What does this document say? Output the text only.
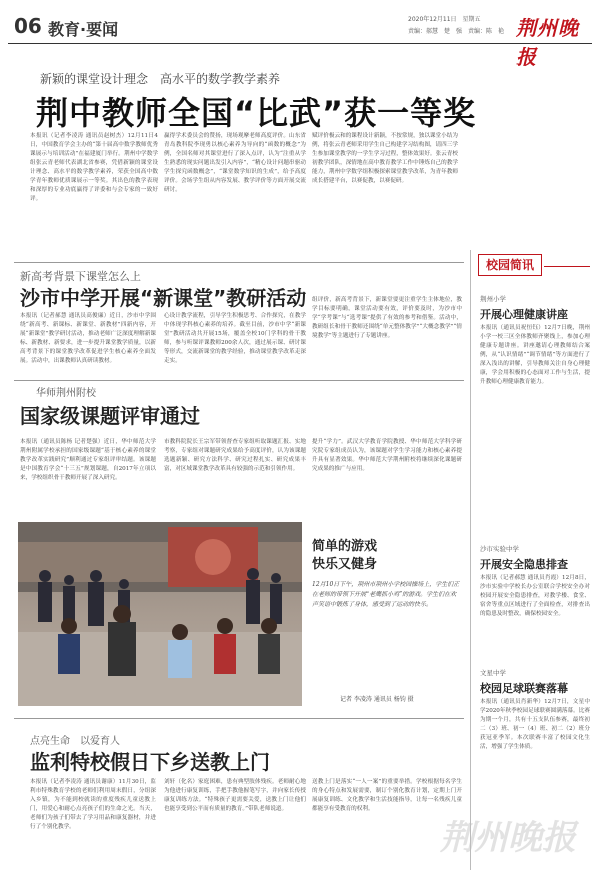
06 教育·要闻
2020年12月11日　星期五
责编：郝慧　楚　强　责编：陈　艳 荆州晚报
新颖的课堂设计理念　高水平的数学教学素养
荆中教师全国“比武”获一等奖
本报讯（记者李凌涛 通讯员赵树杰）12月11日4日，中国教育学会主办的“第十届高中数学教师优秀课展示与培训活动”在福建厦门举行。荆州中学数学组张云青老师代表湖北省参赛，凭借新颖的课堂设计理念、高水平的数学教学素养，荣获全国高中数学青年教师优质课展示一等奖。其出色的教学表现和深厚的专业功底赢得了评委和与会专家的一致好评。
赢得学术委员会的赞扬，现场观摩老师高度评价。山东省青岛教科院李现勇以核心素养为导向的“函数的概念”为例，全国名师对其课堂进行了深入点评，认为“注重从学生熟悉的现实问题出发引入内容”，“精心设计问题串驱动学生探究函数概念”，“课堂数学知识的生成”，给予高度评价。会场学生组从内容发展、教学评价等方面开展交流研讨。
赋评价极云和的课程设计新颖，不按常规，独以课堂小结为例，将张云青老师采用学生自己构建学习结构图，请四三学生参加课堂教学的一学生学习过程，整体效果好。张云青校初教学团队，深情地在高中教育教学工作中锤炼自己的教学能力，荆州中学数学组积极探索课堂教学改革，为青年教师成长搭建平台，以赛促教，以赛促研。
新高考背景下课堂怎么上
沙市中学开展“新课堂”教研活动
本报讯（记者郝慧 通讯员高俊廉）近日，沙市中学围绕“新高考、新课标、新课堂、新教材”四新内容，开展“新课堂”教学研讨活动，推动老师广泛深度理解新课标、新教材、新要求，进一步提升课堂教学质量，以新高考背景下的课堂教学改革促进学生核心素养全面发展。活动中，出课教师认真研读教材。
心设计教学流程，引导学生积极思考、合作探究，在教学中体现学科核心素养的培养。截至目前，沙市中学“新课堂”教研活动共开展15场，覆盖全校10门学科的骨干教师，参与听课评课教师200余人次，通过展示课、研讨课等形式，交流新课堂的教学经验，推动课堂教学改革走深走实。
组评价，新高考背景下，新课堂要更注重学生主体地位，教学目标要明确，课堂活动要有效，评价要及时，为沙市中学“学考课”与“选考课”提供了有效的参考和借鉴。活动中，教研组长和骨干教师还围绕“单元整体教学”“大概念教学”“情境教学”等主题进行了专题讲座。
华师荆州附校
国家级课题评审通过
本报讯（通讯员陈杨 记者楚强）近日，华中师范大学荆州附属学校承担的国家级课题“基于核心素养的课堂教学改革实践研究”顺利通过专家组评审结题。该课题是中国教育学会“十三五”规划课题，自2017年立项以来，学校组织骨干教师开展了深入研究。
市教科院院长王宗军带领督查专家组听取课题汇报、实地考察，专家组对课题研究成果给予高度评价，认为该课题选题新颖、研究方法科学、研究过程扎实、研究成果丰富，对区域课堂教学改革具有较强的示范和引领作用。
提升“学力”。武汉大学教育学院教授、华中师范大学科学研究院专家组成员认为，该课题对学生学习能力和核心素养提升具有显著效果。华中师范大学荆州附校将继续深化课题研究成果的推广与应用。
简单的游戏
快乐又健身
12月10日下午，荆州市荆州小学校园操场上，学生们正在老师的带领下开展“老鹰抓小鸡”的游戏。学生们在欢声笑语中锻炼了身体，感受到了运动的快乐。
记者 李凌涛 通讯员 杨钧 摄
点亮生命　以爱育人
监利特校假日下乡送教上门
本报讯（记者李凌涛 通讯员谢康）11月30日，监利市特殊教育学校的老师们利用周末假日，分组深入乡镇，为不能到校就读的重度残疾儿童送教上门，用爱心和耐心点亮孩子们的生命之光。当天，老师们为孩子们带去了学习用品和康复器材，并进行了个别化教学。
刘轩（化名）家庭困难，患有典型肢体残疾。老师耐心地为他进行康复训练，手把手教他握笔写字，并向家长传授康复训练方法。“特殊孩子更需要关爱，送教上门让他们也能享受到公平而有质量的教育。”带队老师说道。
送教上门是落实“一人一案”的重要举措。学校根据每名学生的身心特点和发展需要，制订个别化教育计划，定期上门开展康复训练、文化教学和生活技能指导，让每一名残疾儿童都能享有受教育的权利。
校园简讯
荆州小学
开展心理健康讲座
本报讯（通讯员祝恒钰）12月7日晚，荆州小学一校三区全体教师齐聚线上，参加心理健康专题讲座。讲座邀请心理教师结合案例，从“认识情绪”“调节情绪”等方面进行了深入浅出的讲解，引导教师关注自身心理健康，学会用积极的心态面对工作与生活，提升教师心理健康教育能力。
沙市实验中学
开展安全隐患排查
本报讯（记者郝慧 通讯员肖霞）12月8日，沙市实验中学校长办公室联合学校安全办对校园开展安全隐患排查，对教学楼、食堂、宿舍等重点区域进行了全面检查，对排查出的隐患及时整改，确保校园安全。
文星中学
校园足球联赛落幕
本报讯（通讯员肖新华）12月7日，文星中学2020年秋季校园足球联赛圆满落幕。比赛为期一个月，共有十五支队伍参赛，最终初二（3）班、初一（4）班、初二（2）班分获冠亚季军。本次联赛丰富了校园文化生活，增强了学生体质。
荆州晚报
